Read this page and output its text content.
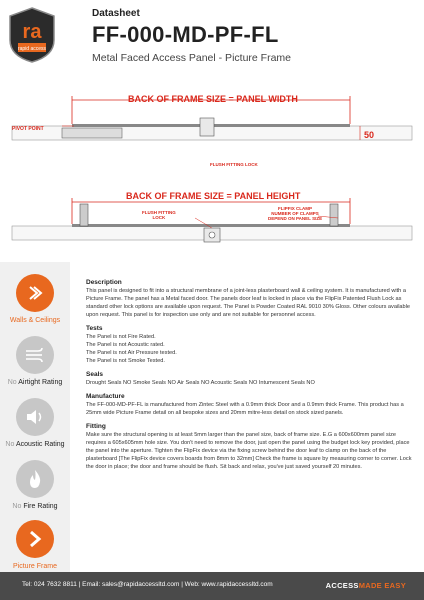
ra
rapid access
Datasheet
FF-000-MD-PF-FL
Metal Faced Access Panel - Picture Frame
BACK OF FRAME SIZE = PANEL WIDTH
PIVOT POINT
50
FLUSH FITTING LOCK
BACK OF FRAME SIZE = PANEL HEIGHT
FLUSH FITTING
LOCK
FLIPFIX CLAMP
NUMBER OF CLAMPS
DEPEND ON PANEL SIZE
Walls & Ceilings
No Airtight Rating
No Acoustic Rating
No Fire Rating
Picture Frame
Description
This panel is designed to fit into a structural membrane of a joint-less plasterboard wall & ceiling system. It is manufactured with a Picture Frame. The panel has a Metal faced door. The panels door leaf is locked in place via the FlipFix Patented Flush Lock as standard other lock options are available upon request. The Panel is Powder Coated RAL 9010 30% Gloss. Other colours available upon request. This panel is for inspection use only and are not suitable for personnel access.
Tests
The Panel is not Fire Rated.
The Panel is not Acoustic rated.
The Panel is not Air Pressure tested.
The Panel is not Smoke Tested.
Seals
Drought Seals NO Smoke Seals NO Air Seals NO Acoustic Seals NO Intumescent Seals NO
Manufacture
The FF-000-MD-PF-FL is manufactured from Zintec Steel with a 0.9mm thick Door and a 0.9mm thick Frame. This product has a 25mm wide Picture Frame detail on all bespoke sizes and 20mm mitre-less detail on stock sized panels.
Fitting
Make sure the structural opening is at least 5mm larger than the panel size, back of frame size. E.G a 600x600mm panel size requires a 605x605mm hole size. You don't need to remove the door, just open the panel using the budget lock key provided, place the panel into the aperture. Tighten the FlipFix device via the fixing screw behind the door leaf to clamp on the back of the plasterboard [The FlipFix device covers boards from 8mm to 32mm] Check the frame is square by measuring corner to corner. Lock the door in place; the door and frame should be flush. Sit back and relax, you've just saved yourself 20 minutes.
Tel: 024 7632 8811 | Email: sales@rapidaccessltd.com | Web: www.rapidaccessltd.com	ACCESSMADE EASY
